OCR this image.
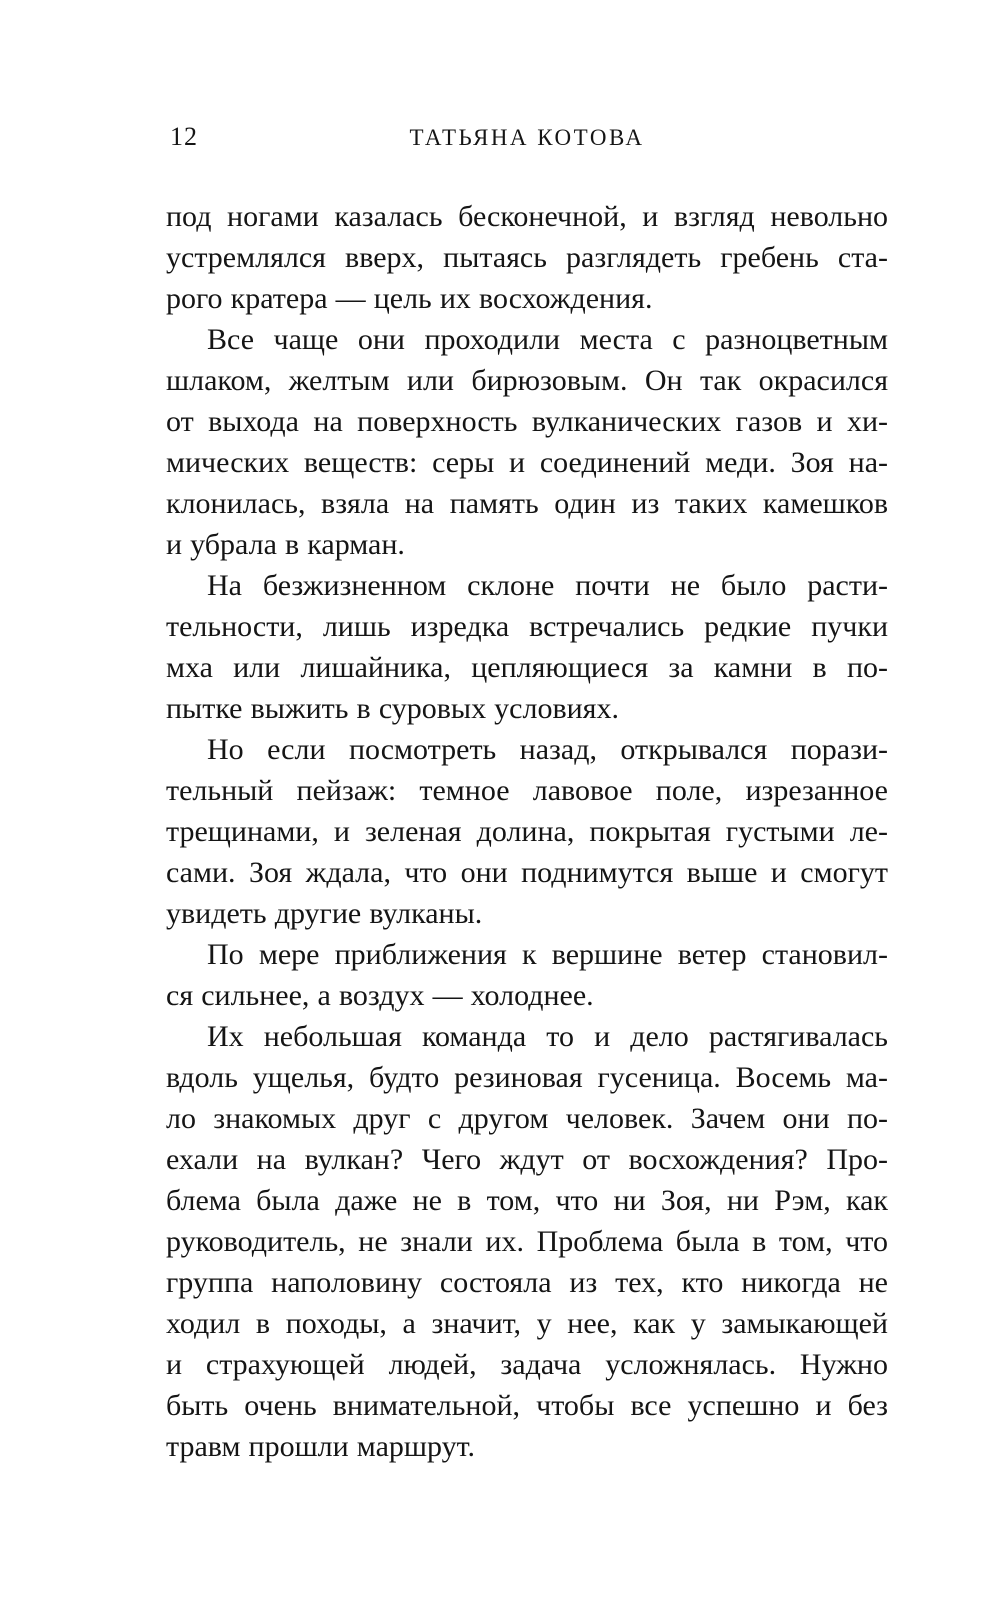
12	ТАТЬЯНА КОТОВА
под ногами казалась бесконечной, и взгляд невольно
устремлялся вверх, пытаясь разглядеть гребень ста-
рого кратера — цель их восхождения.
Все чаще они проходили места с разноцветным
шлаком, желтым или бирюзовым. Он так окрасился
от выхода на поверхность вулканических газов и хи-
мических веществ: серы и соединений меди. Зоя на-
клонилась, взяла на память один из таких камешков
и убрала в карман.
На безжизненном склоне почти не было расти-
тельности, лишь изредка встречались редкие пучки
мха или лишайника, цепляющиеся за камни в по-
пытке выжить в суровых условиях.
Но если посмотреть назад, открывался порази-
тельный пейзаж: темное лавовое поле, изрезанное
трещинами, и зеленая долина, покрытая густыми ле-
сами. Зоя ждала, что они поднимутся выше и смогут
увидеть другие вулканы.
По мере приближения к вершине ветер становил-
ся сильнее, а воздух — холоднее.
Их небольшая команда то и дело растягивалась
вдоль ущелья, будто резиновая гусеница. Восемь ма-
ло знакомых друг с другом человек. Зачем они по-
ехали на вулкан? Чего ждут от восхождения? Про-
блема была даже не в том, что ни Зоя, ни Рэм, как
руководитель, не знали их. Проблема была в том, что
группа наполовину состояла из тех, кто никогда не
ходил в походы, а значит, у нее, как у замыкающей
и страхующей людей, задача усложнялась. Нужно
быть очень внимательной, чтобы все успешно и без
травм прошли маршрут.
